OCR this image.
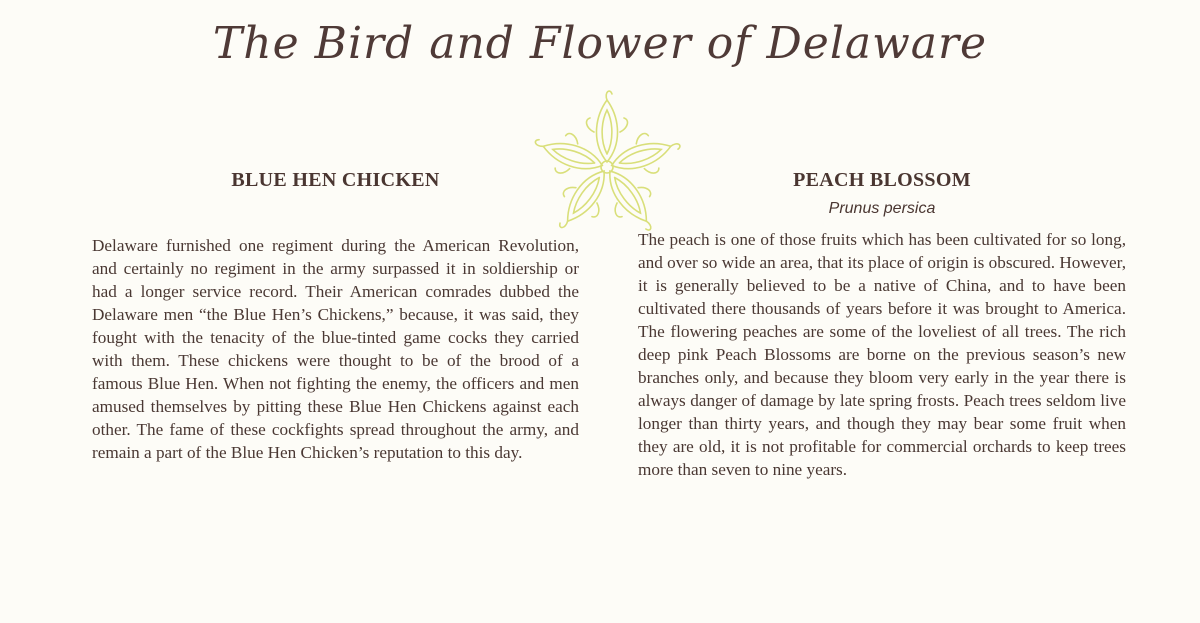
The Bird and Flower of Delaware
BLUE HEN CHICKEN

Delaware furnished one regiment during the American Revolution, and certainly no regiment in the army surpassed it in soldiership or had a longer service record. Their American comrades dubbed the Delaware men “the Blue Hen’s Chickens,” because, it was said, they fought with the tenacity of the blue-tinted game cocks they carried with them. These chickens were thought to be of the brood of a famous Blue Hen. When not fighting the enemy, the officers and men amused themselves by pitting these Blue Hen Chickens against each other. The fame of these cockfights spread throughout the army, and remain a part of the Blue Hen Chicken’s reputation to this day.

PEACH BLOSSOM
Prunus persica

The peach is one of those fruits which has been cultivated for so long, and over so wide an area, that its place of origin is obscured. However, it is generally believed to be a native of China, and to have been cultivated there thousands of years before it was brought to America. The flowering peaches are some of the loveliest of all trees. The rich deep pink Peach Blossoms are borne on the previous season’s new branches only, and because they bloom very early in the year there is always danger of damage by late spring frosts. Peach trees seldom live longer than thirty years, and though they may bear some fruit when they are old, it is not profitable for commercial orchards to keep trees more than seven to nine years.
